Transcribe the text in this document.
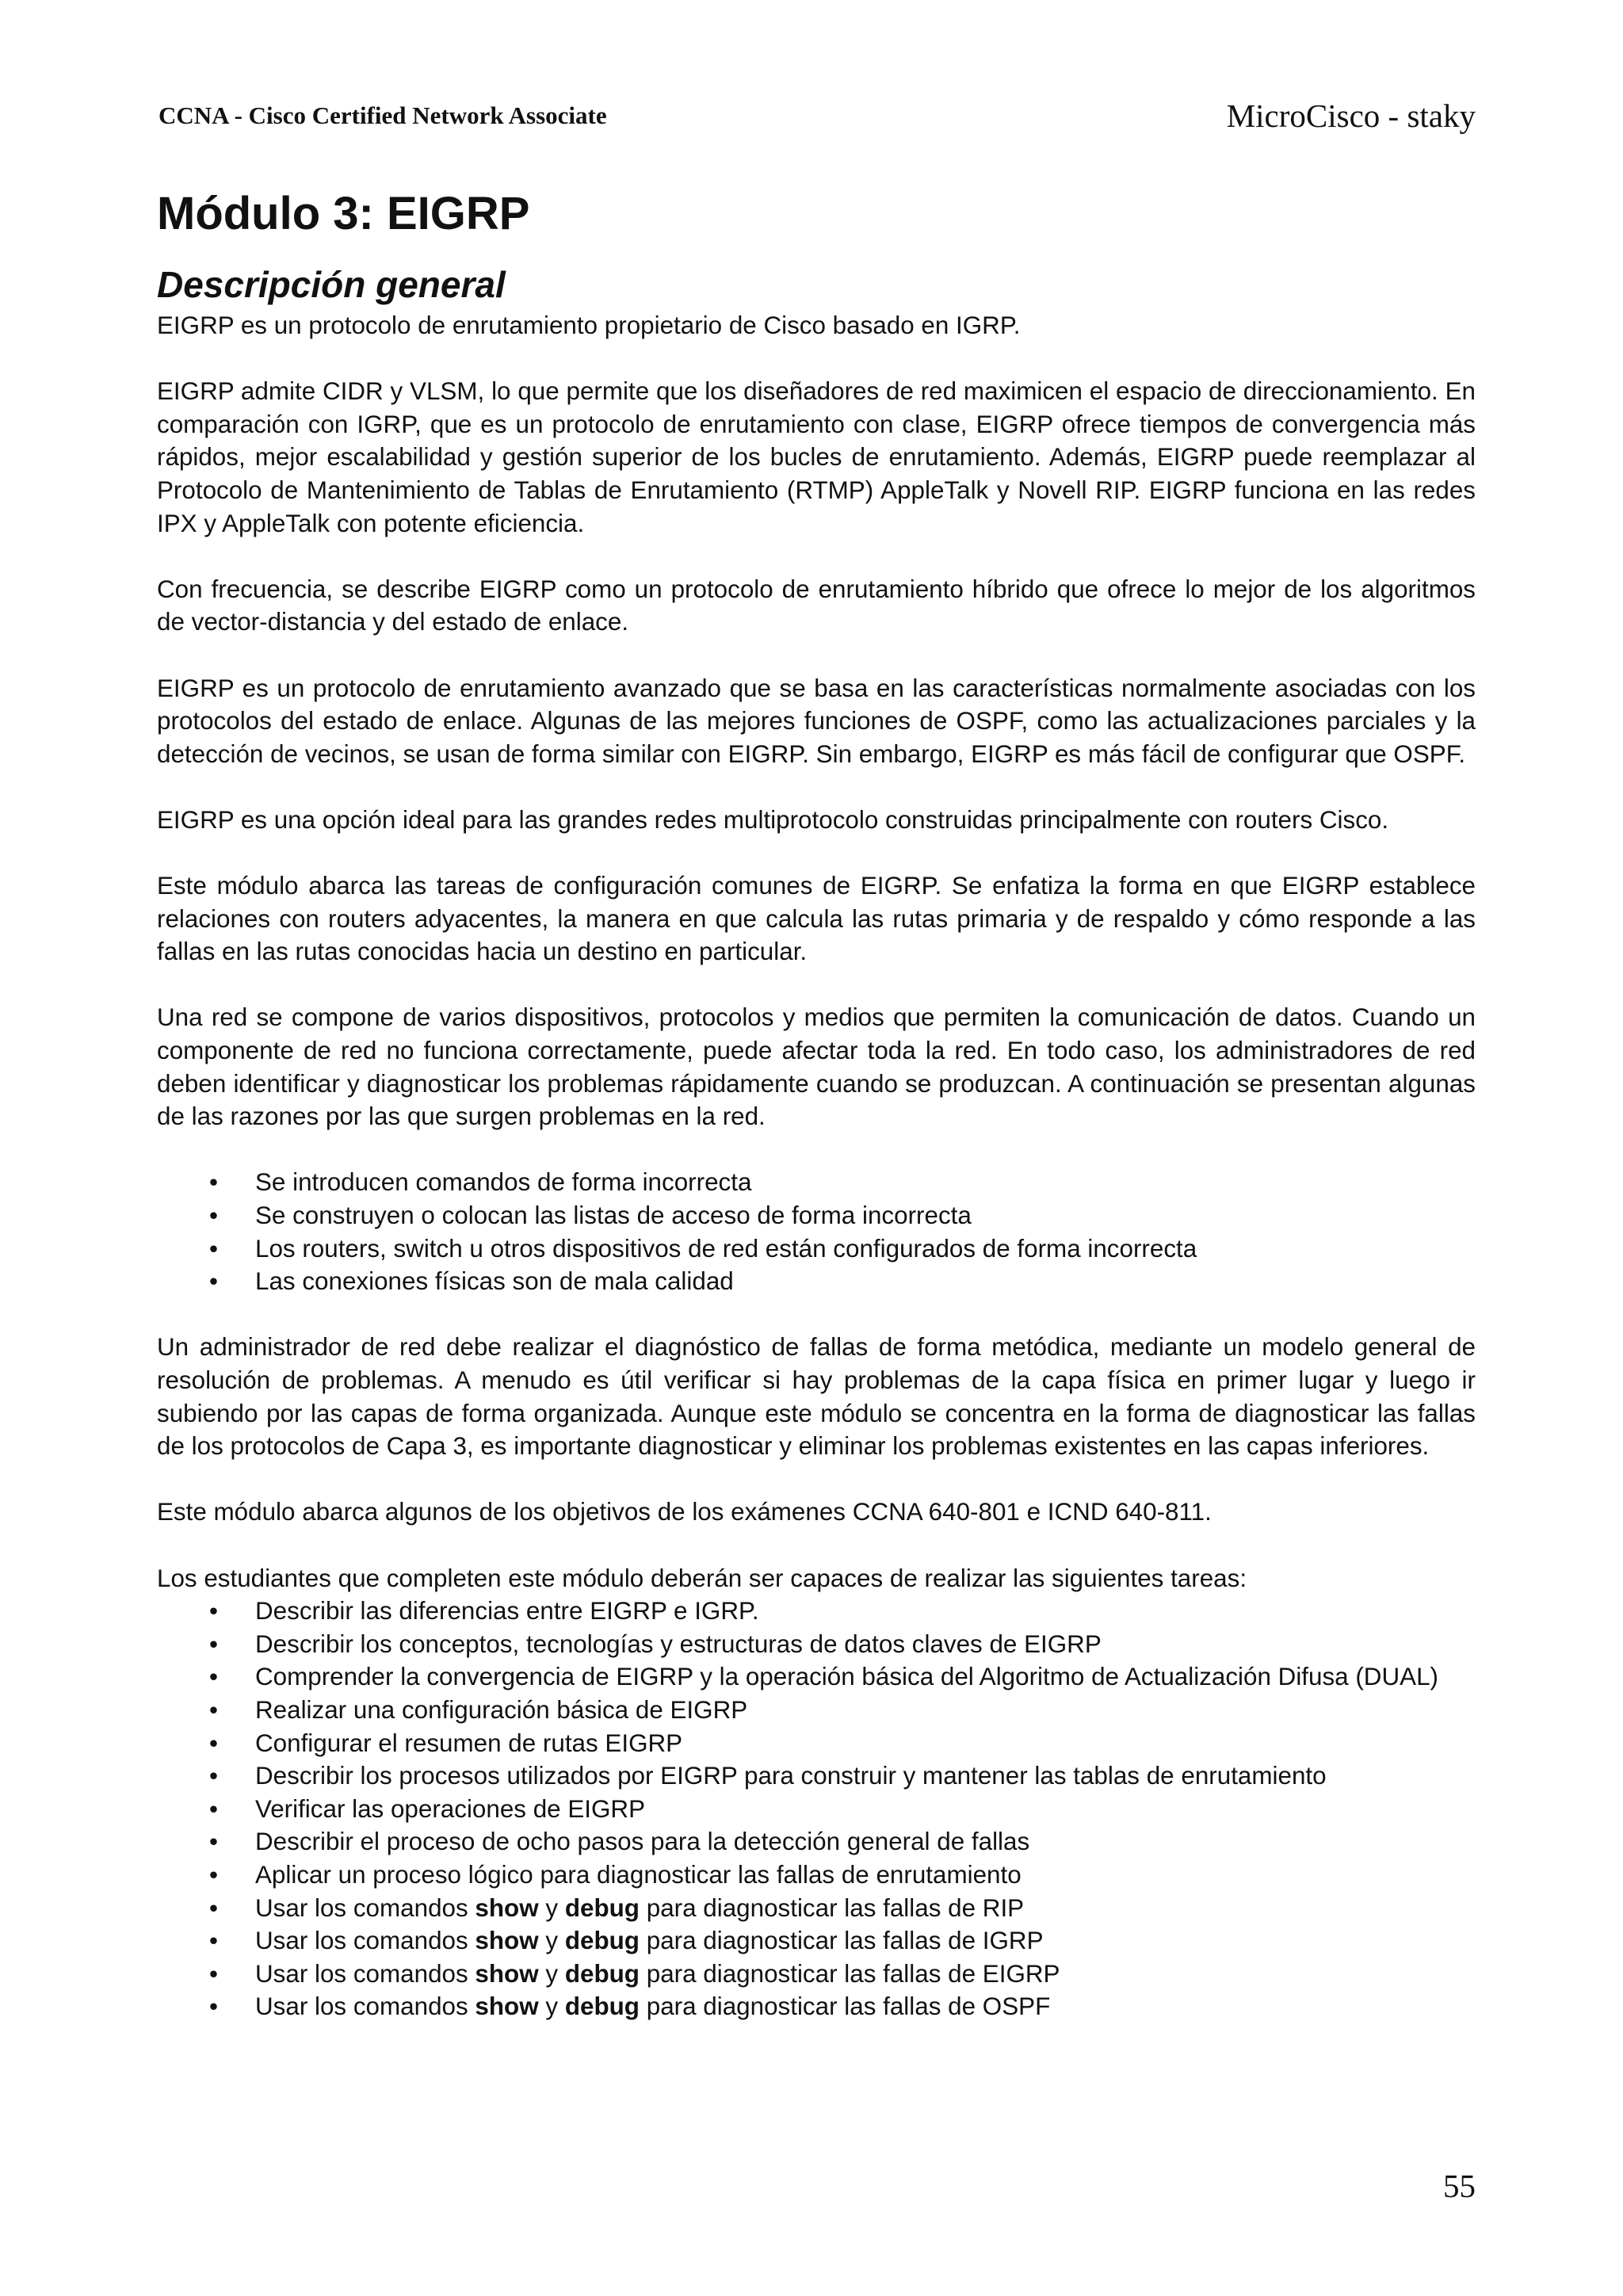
CCNA - Cisco Certified Network Associate	MicroCisco - staky
Módulo 3: EIGRP
Descripción general

EIGRP es un protocolo de enrutamiento propietario de Cisco basado en IGRP.

EIGRP admite CIDR y VLSM, lo que permite que los diseñadores de red maximicen el espacio de direccionamiento. En comparación con IGRP, que es un protocolo de enrutamiento con clase, EIGRP ofrece tiempos de convergencia más rápidos, mejor escalabilidad y gestión superior de los bucles de enrutamiento. Además, EIGRP puede reemplazar al Protocolo de Mantenimiento de Tablas de Enrutamiento (RTMP) AppleTalk y Novell RIP. EIGRP funciona en las redes IPX y AppleTalk con potente eficiencia.

Con frecuencia, se describe EIGRP como un protocolo de enrutamiento híbrido que ofrece lo mejor de los algoritmos de vector-distancia y del estado de enlace.

EIGRP es un protocolo de enrutamiento avanzado que se basa en las características normalmente asociadas con los protocolos del estado de enlace. Algunas de las mejores funciones de OSPF, como las actualizaciones parciales y la detección de vecinos, se usan de forma similar con EIGRP. Sin embargo, EIGRP es más fácil de configurar que OSPF.

EIGRP es una opción ideal para las grandes redes multiprotocolo construidas principalmente con routers Cisco.

Este módulo abarca las tareas de configuración comunes de EIGRP. Se enfatiza la forma en que EIGRP establece relaciones con routers adyacentes, la manera en que calcula las rutas primaria y de respaldo y cómo responde a las fallas en las rutas conocidas hacia un destino en particular.

Una red se compone de varios dispositivos, protocolos y medios que permiten la comunicación de datos. Cuando un componente de red no funciona correctamente, puede afectar toda la red. En todo caso, los administradores de red deben identificar y diagnosticar los problemas rápidamente cuando se produzcan. A continuación se presentan algunas de las razones por las que surgen problemas en la red.

• Se introducen comandos de forma incorrecta
• Se construyen o colocan las listas de acceso de forma incorrecta
• Los routers, switch u otros dispositivos de red están configurados de forma incorrecta
• Las conexiones físicas son de mala calidad

Un administrador de red debe realizar el diagnóstico de fallas de forma metódica, mediante un modelo general de resolución de problemas. A menudo es útil verificar si hay problemas de la capa física en primer lugar y luego ir subiendo por las capas de forma organizada. Aunque este módulo se concentra en la forma de diagnosticar las fallas de los protocolos de Capa 3, es importante diagnosticar y eliminar los problemas existentes en las capas inferiores.

Este módulo abarca algunos de los objetivos de los exámenes CCNA 640-801 e ICND 640-811.

Los estudiantes que completen este módulo deberán ser capaces de realizar las siguientes tareas:

• Describir las diferencias entre EIGRP e IGRP.
• Describir los conceptos, tecnologías y estructuras de datos claves de EIGRP
• Comprender la convergencia de EIGRP y la operación básica del Algoritmo de Actualización Difusa (DUAL)
• Realizar una configuración básica de EIGRP
• Configurar el resumen de rutas EIGRP
• Describir los procesos utilizados por EIGRP para construir y mantener las tablas de enrutamiento
• Verificar las operaciones de EIGRP
• Describir el proceso de ocho pasos para la detección general de fallas
• Aplicar un proceso lógico para diagnosticar las fallas de enrutamiento
• Usar los comandos show y debug para diagnosticar las fallas de RIP
• Usar los comandos show y debug para diagnosticar las fallas de IGRP
• Usar los comandos show y debug para diagnosticar las fallas de EIGRP
• Usar los comandos show y debug para diagnosticar las fallas de OSPF
55
